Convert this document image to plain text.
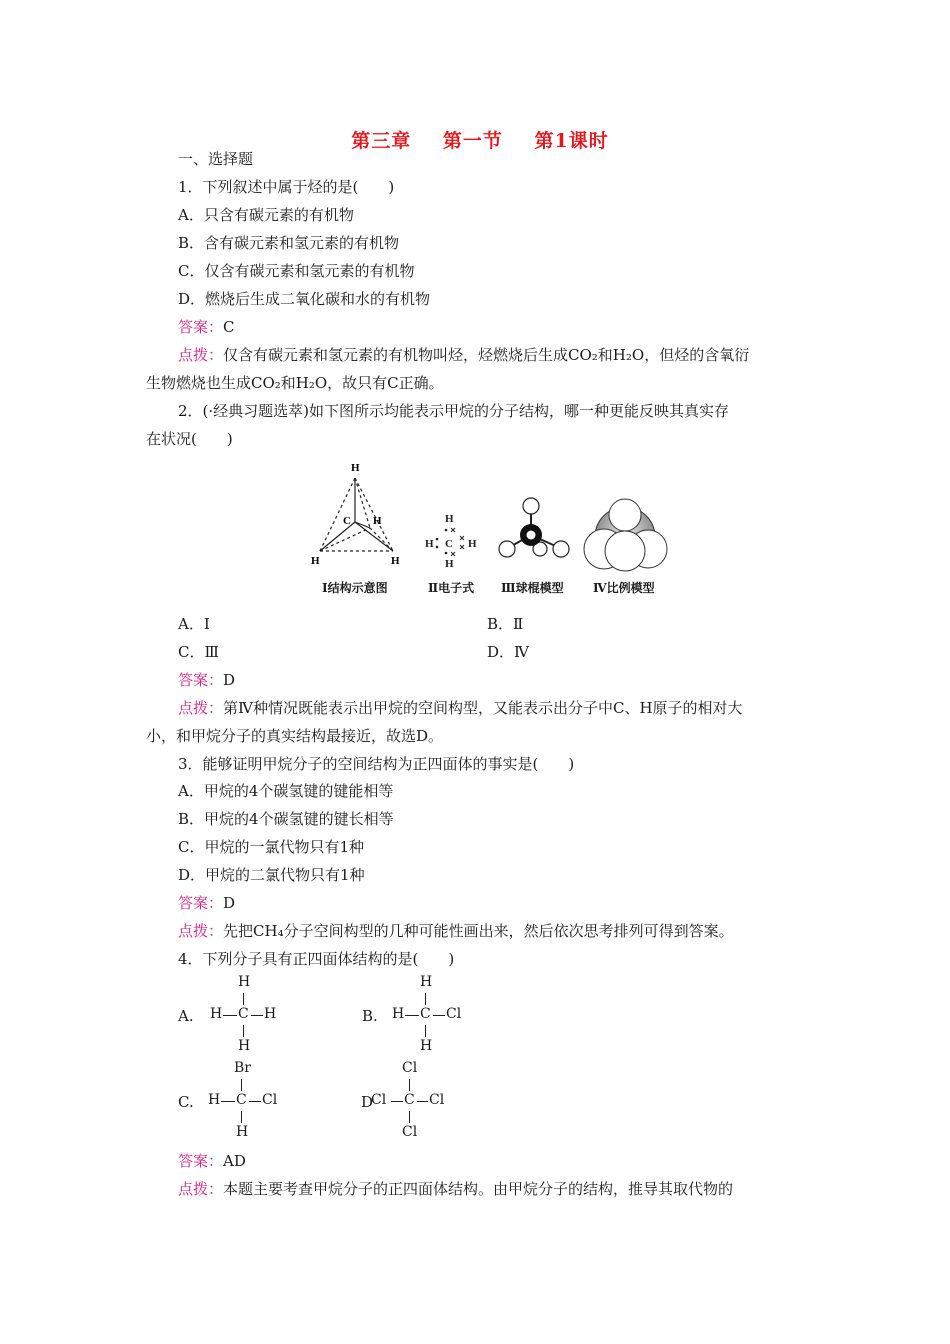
第三章 第一节 第1课时
一、选择题
1．下列叙述中属于烃的是(　　)
A．只含有碳元素的有机物
B．含有碳元素和氢元素的有机物
C．仅含有碳元素和氢元素的有机物
D．燃烧后生成二氧化碳和水的有机物
答案：C
点拨：仅含有碳元素和氢元素的有机物叫烃，烃燃烧后生成CO₂和H₂O，但烃的含氧衍
生物燃烧也生成CO₂和H₂O，故只有C正确。
2．(·经典习题选萃)如下图所示均能表示甲烷的分子结构，哪一种更能反映其真实存
在状况(　　)
H
C H
H	H
H
H C H
H
Ⅰ结构示意图	Ⅱ电子式 Ⅲ球棍模型 Ⅳ比例模型
A．Ⅰ	B．Ⅱ
C．Ⅲ	D．Ⅳ
答案：D
点拨：第Ⅳ种情况既能表示出甲烷的空间构型，又能表示出分子中C、H原子的相对大
小，和甲烷分子的真实结构最接近，故选D。
3．能够证明甲烷分子的空间结构为正四面体的事实是(　　)
A．甲烷的4个碳氢键的键能相等
B．甲烷的4个碳氢键的键长相等
C．甲烷的一氯代物只有1种
D．甲烷的二氯代物只有1种
答案：D
点拨：先把CH₄分子空间构型的几种可能性画出来，然后依次思考排列可得到答案。
4．下列分子具有正四面体结构的是(　　)
A.
H
H C H
H
B.
H
H C Cl
H
C.
Br
H C Cl
H
D
Cl
Cl C Cl
Cl
答案：AD
点拨：本题主要考查甲烷分子的正四面体结构。由甲烷分子的结构，推导其取代物的
